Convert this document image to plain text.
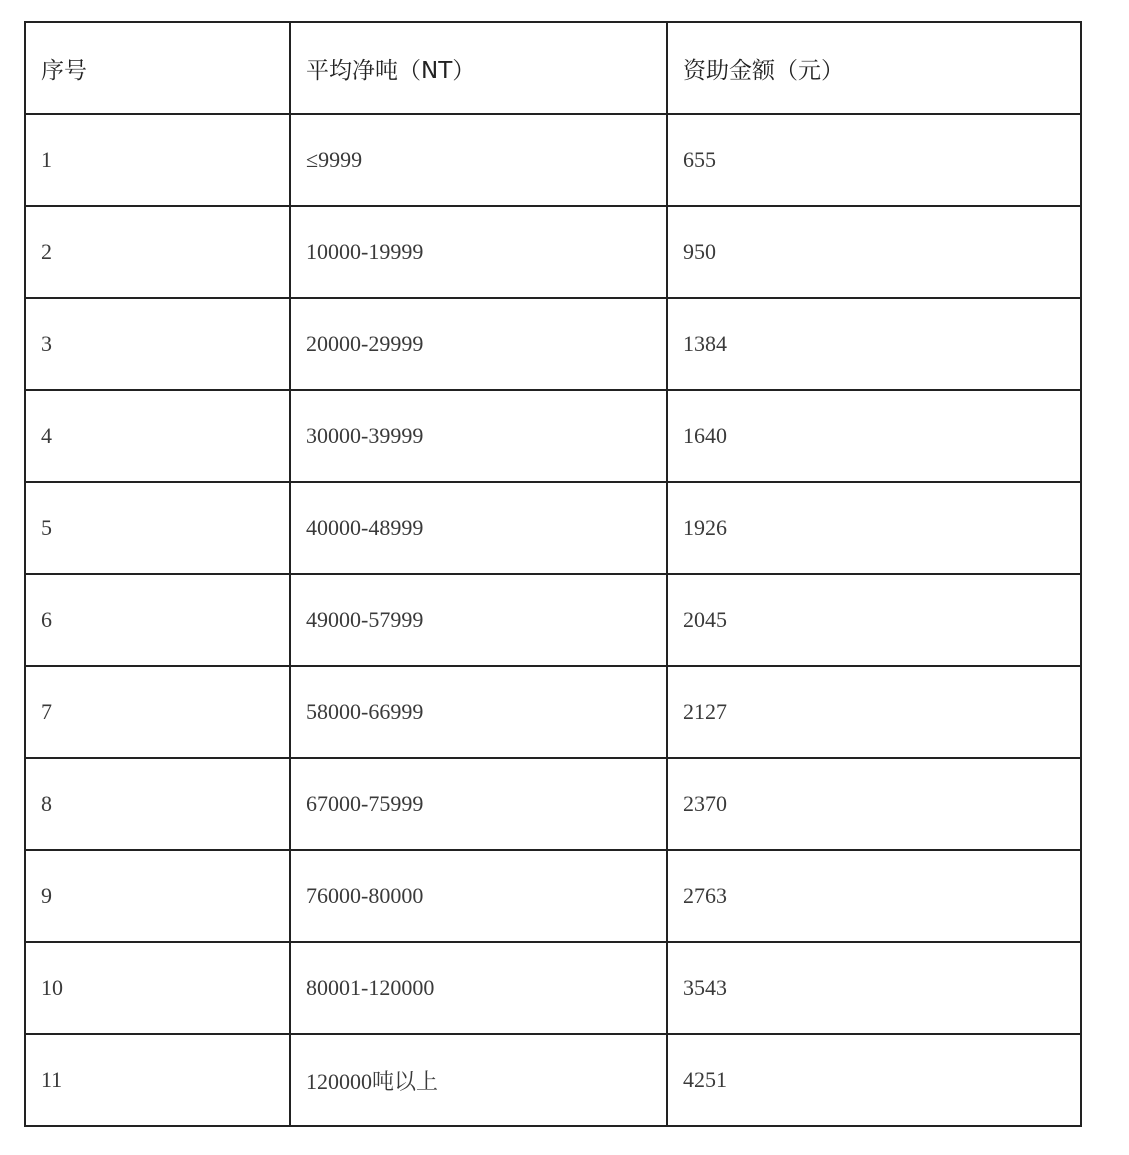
序号	平均净吨（NT）	资助金额（元）
1	≤9999	655
2	10000-19999	950
3	20000-29999	1384
4	30000-39999	1640
5	40000-48999	1926
6	49000-57999	2045
7	58000-66999	2127
8	67000-75999	2370
9	76000-80000	2763
10	80001-120000	3543
11	120000吨以上	4251
